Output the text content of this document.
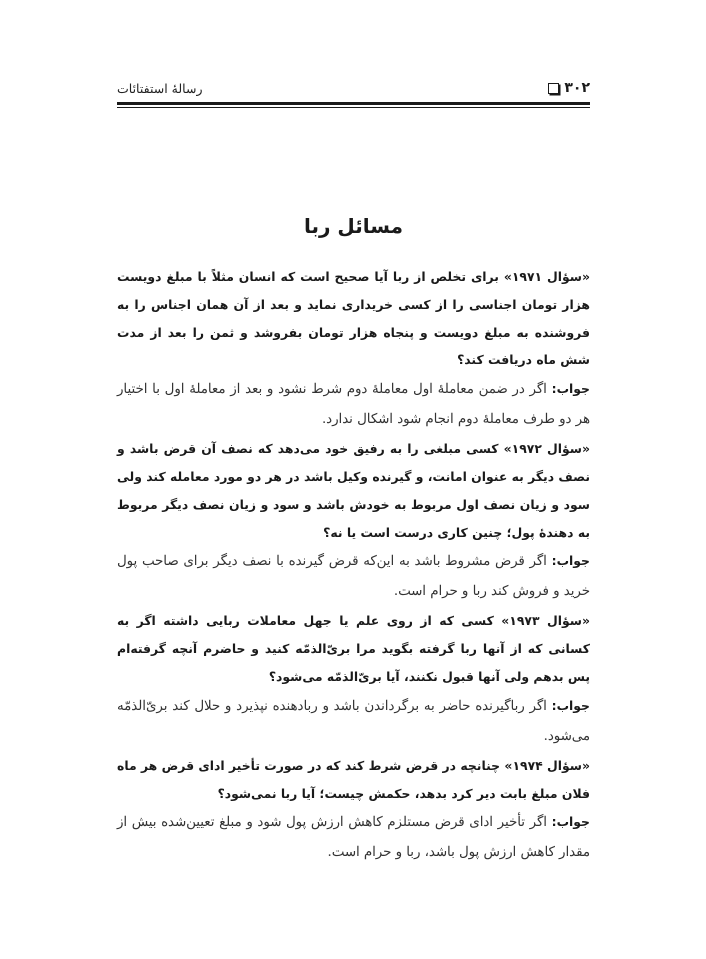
۳۰۲
رسالهٔ استفتائات
مسائل ربا

«سؤال ۱۹۷۱» برای تخلص از ربا آیا صحیح است که انسان مثلاً با مبلغ دویست هزار تومان اجناسی را از کسی خریداری نماید و بعد از آن همان اجناس را به فروشنده به مبلغ دویست و پنجاه هزار تومان بفروشد و ثمن را بعد از مدت شش ماه دریافت کند؟

جواب: اگر در ضمن معاملهٔ اول معاملهٔ دوم شرط نشود و بعد از معاملهٔ اول با اختیار هر دو طرف معاملهٔ دوم انجام شود اشکال ندارد.

«سؤال ۱۹۷۲» کسی مبلغی را به رفیق خود می‌دهد که نصف آن قرض باشد و نصف دیگر به عنوان امانت، و گیرنده وکیل باشد در هر دو مورد معامله کند ولی سود و زیان نصف اول مربوط به خودش باشد و سود و زیان نصف دیگر مربوط به دهندهٔ پول؛ چنین کاری درست است یا نه؟

جواب: اگر قرض مشروط باشد به این‌که قرض گیرنده با نصف دیگر برای صاحب پول خرید و فروش کند ربا و حرام است.

«سؤال ۱۹۷۳» کسی که از روی علم یا جهل معاملات ربایی داشته اگر به کسانی که از آنها ربا گرفته بگوید مرا بریّ‌الذمّه کنید و حاضرم آنچه گرفته‌ام پس بدهم ولی آنها قبول نکنند، آیا بریّ‌الذمّه می‌شود؟

جواب: اگر رباگیرنده حاضر به برگرداندن باشد و ربادهنده نپذیرد و حلال کند بریّ‌الذمّه می‌شود.

«سؤال ۱۹۷۴» چنانچه در قرض شرط کند که در صورت تأخیر ادای قرض هر ماه فلان مبلغ بابت دیر کرد بدهد، حکمش چیست؛ آیا ربا نمی‌شود؟

جواب: اگر تأخیر ادای قرض مستلزم کاهش ارزش پول شود و مبلغ تعیین‌شده بیش از مقدار کاهش ارزش پول باشد، ربا و حرام است.
